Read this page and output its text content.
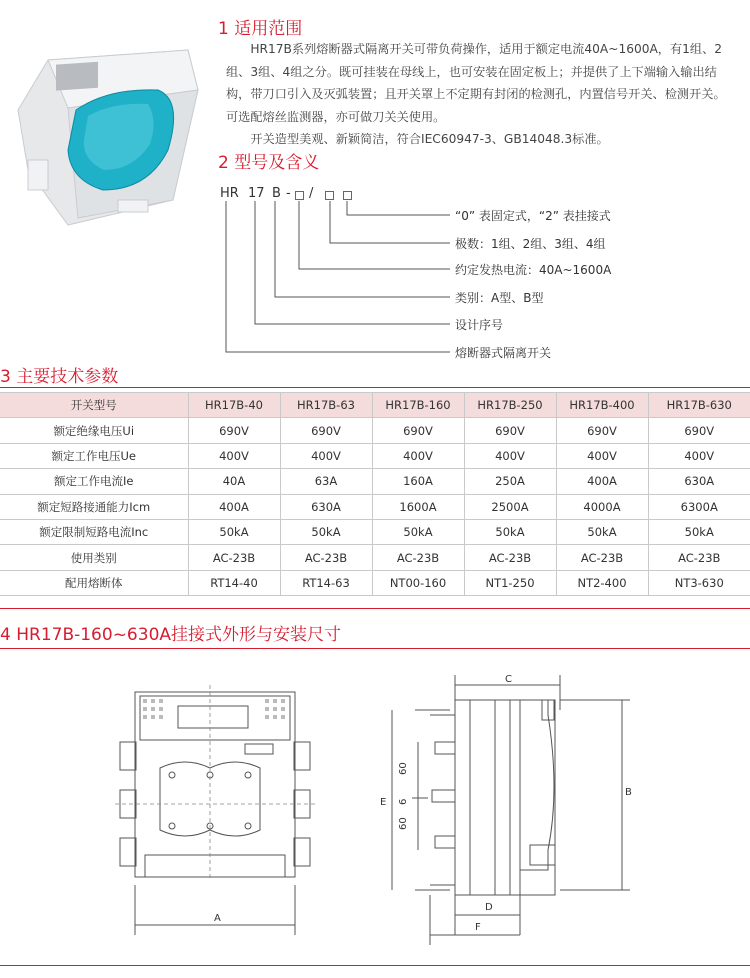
1 适用范围

HR17B系列熔断器式隔离开关可带负荷操作，适用于额定电流40A~1600A，有1组、2组、3组、4组之分。既可挂装在母线上，也可安装在固定板上；并提供了上下端输入输出结构，带刀口引入及灭弧装置；且开关罩上不定期有封闭的检测孔，内置信号开关、检测开关。可选配熔丝监测器，亦可做刀关关使用。

开关造型美观、新颖简洁，符合IEC60947-3、GB14048.3标准。

2 型号及含义
HR 17 B - /
“0” 表固定式，“2” 表挂接式
极数：1组、2组、3组、4组
约定发热电流：40A~1600A
类别：A型、B型
设计序号
熔断器式隔离开关
3 主要技术参数
开关型号	HR17B-40	HR17B-63	HR17B-160	HR17B-250	HR17B-400	HR17B-630
额定绝缘电压Ui	690V	690V	690V	690V	690V	690V
额定工作电压Ue	400V	400V	400V	400V	400V	400V
额定工作电流Ie	40A	63A	160A	250A	400A	630A
额定短路接通能力Icm	400A	630A	1600A	2500A	4000A	6300A
额定限制短路电流Inc	50kA	50kA	50kA	50kA	50kA	50kA
使用类别	AC-23B	AC-23B	AC-23B	AC-23B	AC-23B	AC-23B
配用熔断体	RT14-40	RT14-63	NT00-160	NT1-250	NT2-400	NT3-630
4 HR17B-160~630A挂接式外形与安装尺寸
A
C
B
E
D
F
60
6
60
